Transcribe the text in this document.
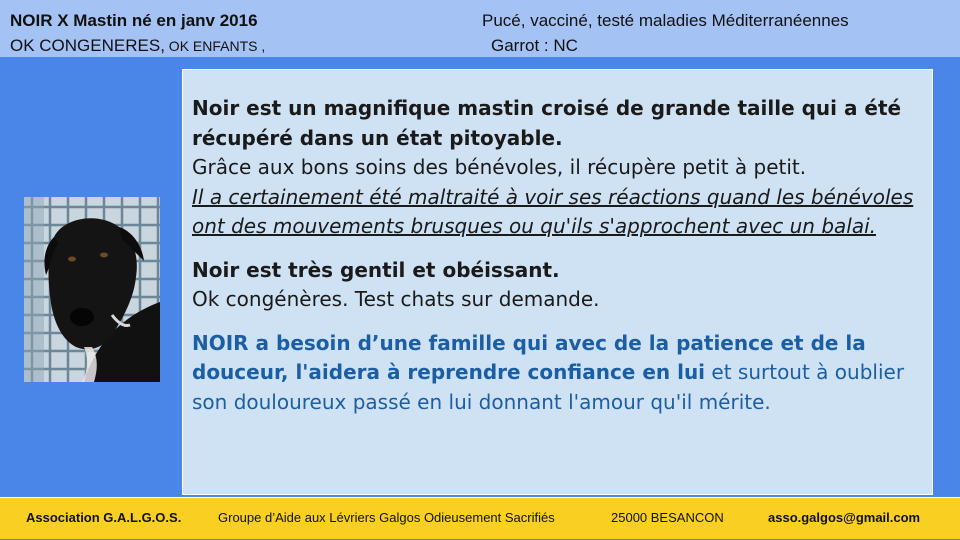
NOIR X Mastin né en janv 2016
OK CONGENERES, OK ENFANTS ,
Pucé, vacciné, testé maladies Méditerranéennes
Garrot : NC

Noir est un magnifique mastin croisé de grande taille qui a été récupéré dans un état pitoyable.
Grâce aux bons soins des bénévoles, il récupère petit à petit.
Il a certainement été maltraité à voir ses réactions quand les bénévoles ont des mouvements brusques ou qu'ils s'approchent avec un balai.

Noir est très gentil et obéissant.
Ok congénères. Test chats sur demande.

NOIR a besoin d’une famille qui avec de la patience et de la douceur, l'aidera à reprendre confiance en lui et surtout à oublier son douloureux passé en lui donnant l'amour qu'il mérite.

Association G.A.L.G.O.S.	Groupe d’Aide aux Lévriers Galgos Odieusement Sacrifiés	25000 BESANCON	asso.galgos@gmail.com
